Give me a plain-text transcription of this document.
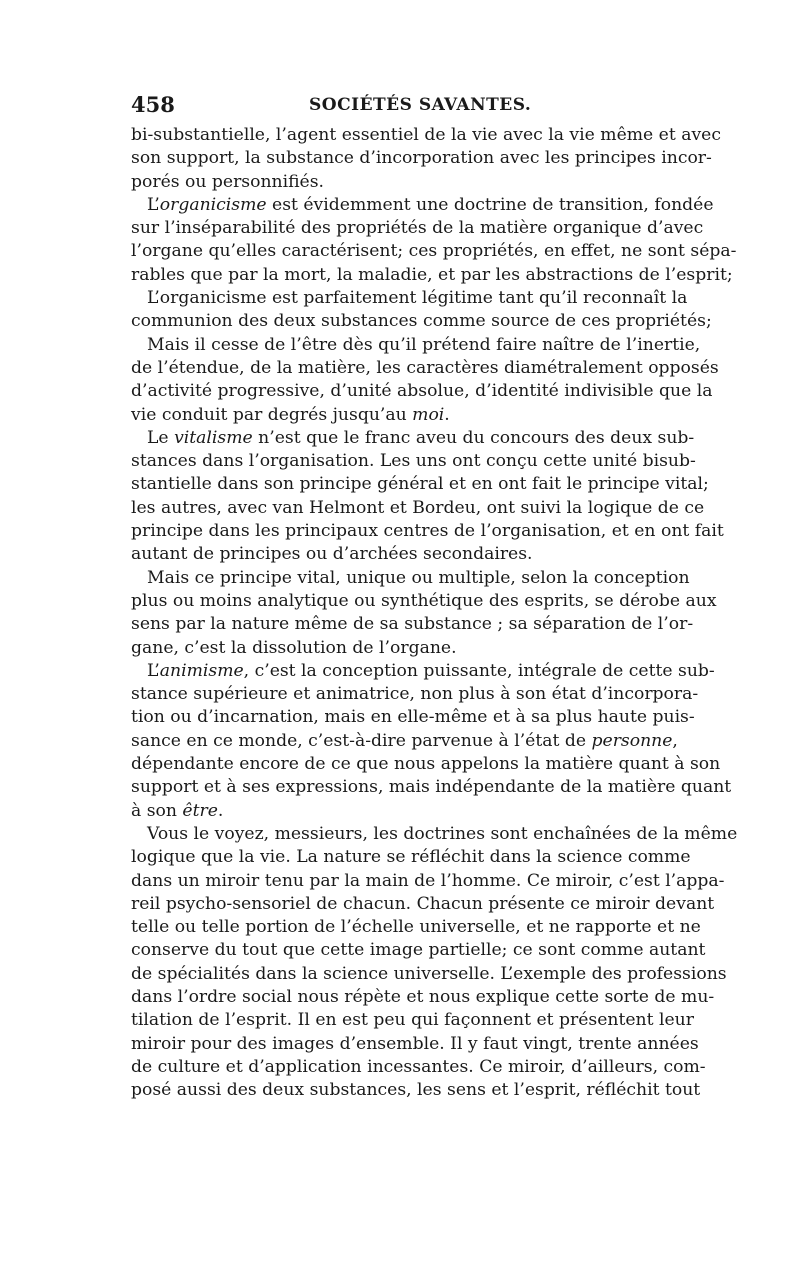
458	SOCIÉTÉS SAVANTES.
bi-substantielle, l’agent essentiel de la vie avec la vie même et avec
son support, la substance d’incorporation avec les principes incor-
porés ou personnifiés.
L’organicisme est évidemment une doctrine de transition, fondée
sur l’inséparabilité des propriétés de la matière organique d’avec
l’organe qu’elles caractérisent; ces propriétés, en effet, ne sont sépa-
rables que par la mort, la maladie, et par les abstractions de l’esprit;
L’organicisme est parfaitement légitime tant qu’il reconnaît la
communion des deux substances comme source de ces propriétés;
Mais il cesse de l’être dès qu’il prétend faire naître de l’inertie,
de l’étendue, de la matière, les caractères diamétralement opposés
d’activité progressive, d’unité absolue, d’identité indivisible que la
vie conduit par degrés jusqu’au moi.
Le vitalisme n’est que le franc aveu du concours des deux sub-
stances dans l’organisation. Les uns ont conçu cette unité bisub-
stantielle dans son principe général et en ont fait le principe vital;
les autres, avec van Helmont et Bordeu, ont suivi la logique de ce
principe dans les principaux centres de l’organisation, et en ont fait
autant de principes ou d’archées secondaires.
Mais ce principe vital, unique ou multiple, selon la conception
plus ou moins analytique ou synthétique des esprits, se dérobe aux
sens par la nature même de sa substance ; sa séparation de l’or-
gane, c’est la dissolution de l’organe.
L’animisme, c’est la conception puissante, intégrale de cette sub-
stance supérieure et animatrice, non plus à son état d’incorpora-
tion ou d’incarnation, mais en elle-même et à sa plus haute puis-
sance en ce monde, c’est-à-dire parvenue à l’état de personne,
dépendante encore de ce que nous appelons la matière quant à son
support et à ses expressions, mais indépendante de la matière quant
à son être.
Vous le voyez, messieurs, les doctrines sont enchaînées de la même
logique que la vie. La nature se réfléchit dans la science comme
dans un miroir tenu par la main de l’homme. Ce miroir, c’est l’appa-
reil psycho-sensoriel de chacun. Chacun présente ce miroir devant
telle ou telle portion de l’échelle universelle, et ne rapporte et ne
conserve du tout que cette image partielle; ce sont comme autant
de spécialités dans la science universelle. L’exemple des professions
dans l’ordre social nous répète et nous explique cette sorte de mu-
tilation de l’esprit. Il en est peu qui façonnent et présentent leur
miroir pour des images d’ensemble. Il y faut vingt, trente années
de culture et d’application incessantes. Ce miroir, d’ailleurs, com-
posé aussi des deux substances, les sens et l’esprit, réfléchit tout
